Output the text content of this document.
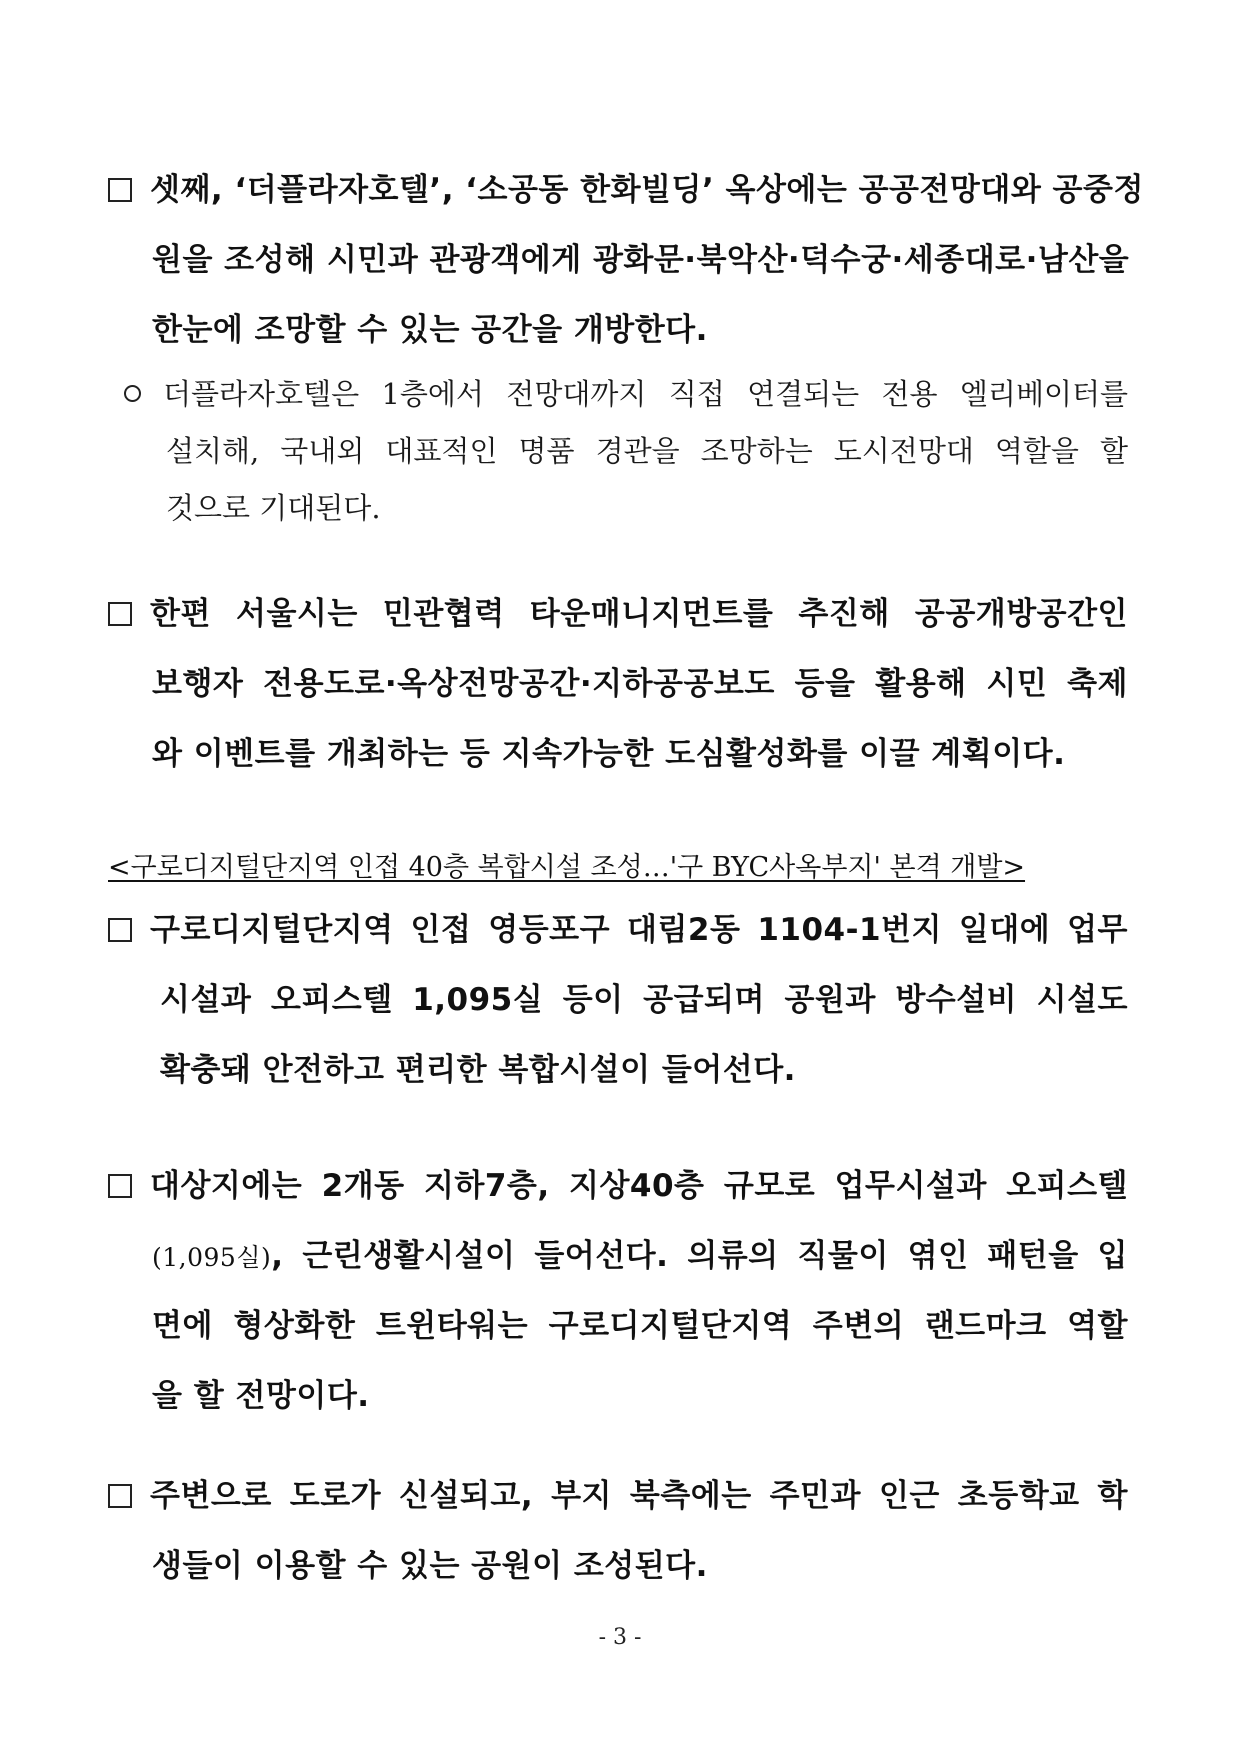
셋째, ‘더플라자호텔’, ‘소공동 한화빌딩’ 옥상에는 공공전망대와 공중정
원을 조성해 시민과 관광객에게 광화문·북악산·덕수궁·세종대로·남산을
한눈에 조망할 수 있는 공간을 개방한다.
더플라자호텔은 1층에서 전망대까지 직접 연결되는 전용 엘리베이터를
설치해, 국내외 대표적인 명품 경관을 조망하는 도시전망대 역할을 할
것으로 기대된다.
한편 서울시는 민관협력 타운매니지먼트를 추진해 공공개방공간인
보행자 전용도로·옥상전망공간·지하공공보도 등을 활용해 시민 축제
와 이벤트를 개최하는 등 지속가능한 도심활성화를 이끌 계획이다.
<구로디지털단지역 인접 40층 복합시설 조성…'구 BYC사옥부지' 본격 개발>
구로디지털단지역 인접 영등포구 대림2동 1104-1번지 일대에 업무
시설과 오피스텔 1,095실 등이 공급되며 공원과 방수설비 시설도
확충돼 안전하고 편리한 복합시설이 들어선다.
대상지에는 2개동 지하7층, 지상40층 규모로 업무시설과 오피스텔
(1,095실), 근린생활시설이 들어선다. 의류의 직물이 엮인 패턴을 입
면에 형상화한 트윈타워는 구로디지털단지역 주변의 랜드마크 역할
을 할 전망이다.
주변으로 도로가 신설되고, 부지 북측에는 주민과 인근 초등학교 학
생들이 이용할 수 있는 공원이 조성된다.
- 3 -
